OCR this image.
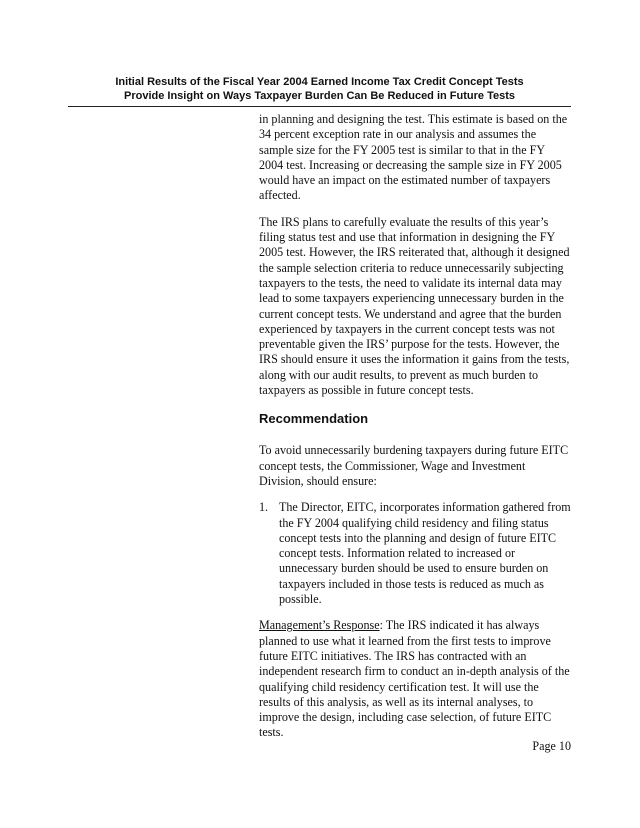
Initial Results of the Fiscal Year 2004 Earned Income Tax Credit Concept Tests
Provide Insight on Ways Taxpayer Burden Can Be Reduced in Future Tests

in planning and designing the test. This estimate is based on the 34 percent exception rate in our analysis and assumes the sample size for the FY 2005 test is similar to that in the FY 2004 test. Increasing or decreasing the sample size in FY 2005 would have an impact on the estimated number of taxpayers affected.

The IRS plans to carefully evaluate the results of this year’s filing status test and use that information in designing the FY 2005 test. However, the IRS reiterated that, although it designed the sample selection criteria to reduce unnecessarily subjecting taxpayers to the tests, the need to validate its internal data may lead to some taxpayers experiencing unnecessary burden in the current concept tests. We understand and agree that the burden experienced by taxpayers in the current concept tests was not preventable given the IRS’ purpose for the tests. However, the IRS should ensure it uses the information it gains from the tests, along with our audit results, to prevent as much burden to taxpayers as possible in future concept tests.

Recommendation

To avoid unnecessarily burdening taxpayers during future EITC concept tests, the Commissioner, Wage and Investment Division, should ensure:

1. The Director, EITC, incorporates information gathered from the FY 2004 qualifying child residency and filing status concept tests into the planning and design of future EITC concept tests. Information related to increased or unnecessary burden should be used to ensure burden on taxpayers included in those tests is reduced as much as possible.

Management’s Response: The IRS indicated it has always planned to use what it learned from the first tests to improve future EITC initiatives. The IRS has contracted with an independent research firm to conduct an in-depth analysis of the qualifying child residency certification test. It will use the results of this analysis, as well as its internal analyses, to improve the design, including case selection, of future EITC tests.

Page 10
